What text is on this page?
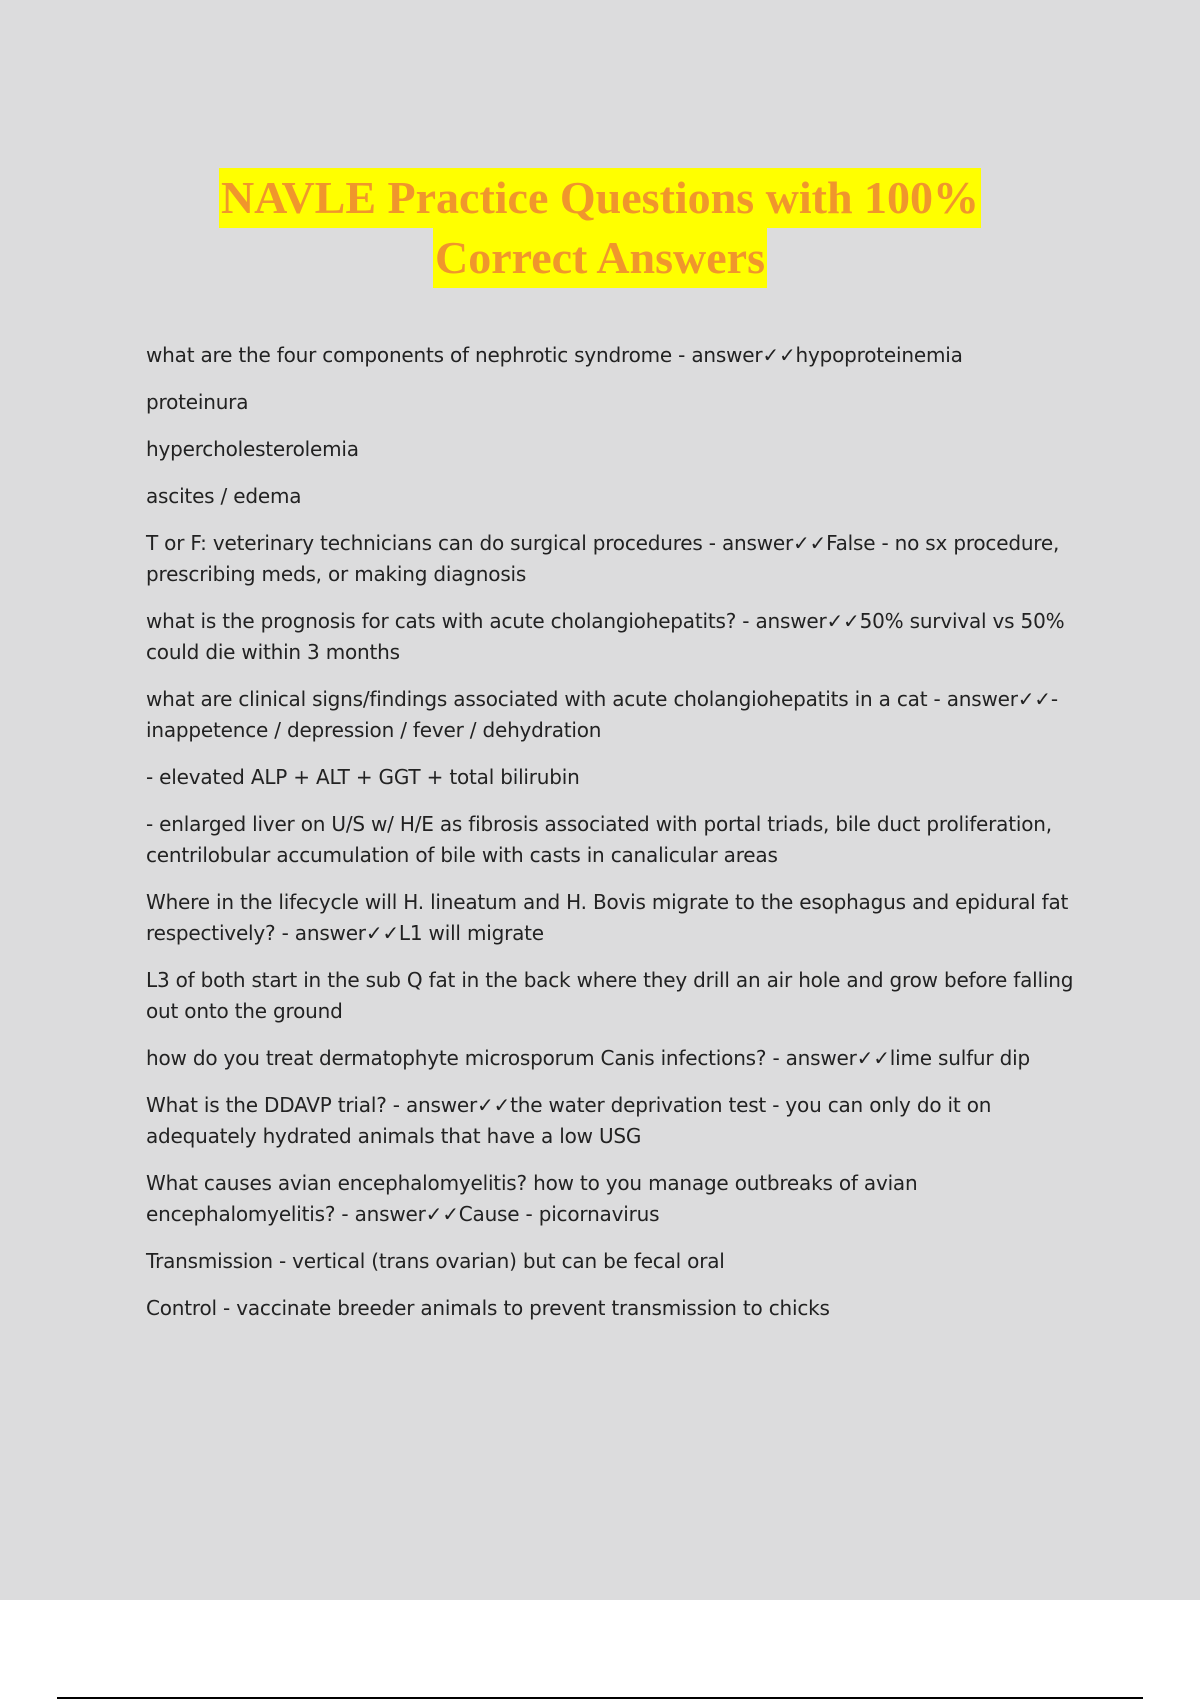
NAVLE Practice Questions with 100%
Correct Answers

what are the four components of nephrotic syndrome - answer✓✓hypoproteinemia

proteinura

hypercholesterolemia

ascites / edema

T or F: veterinary technicians can do surgical procedures - answer✓✓False - no sx procedure, prescribing meds, or making diagnosis

what is the prognosis for cats with acute cholangiohepatits? - answer✓✓50% survival vs 50% could die within 3 months

what are clinical signs/findings associated with acute cholangiohepatits in a cat - answer✓✓- inappetence / depression / fever / dehydration

- elevated ALP + ALT + GGT + total bilirubin

- enlarged liver on U/S w/ H/E as fibrosis associated with portal triads, bile duct proliferation, centrilobular accumulation of bile with casts in canalicular areas

Where in the lifecycle will H. lineatum and H. Bovis migrate to the esophagus and epidural fat respectively? - answer✓✓L1 will migrate

L3 of both start in the sub Q fat in the back where they drill an air hole and grow before falling out onto the ground

how do you treat dermatophyte microsporum Canis infections? - answer✓✓lime sulfur dip

What is the DDAVP trial? - answer✓✓the water deprivation test - you can only do it on adequately hydrated animals that have a low USG

What causes avian encephalomyelitis? how to you manage outbreaks of avian encephalomyelitis? - answer✓✓Cause - picornavirus

Transmission - vertical (trans ovarian) but can be fecal oral

Control - vaccinate breeder animals to prevent transmission to chicks
